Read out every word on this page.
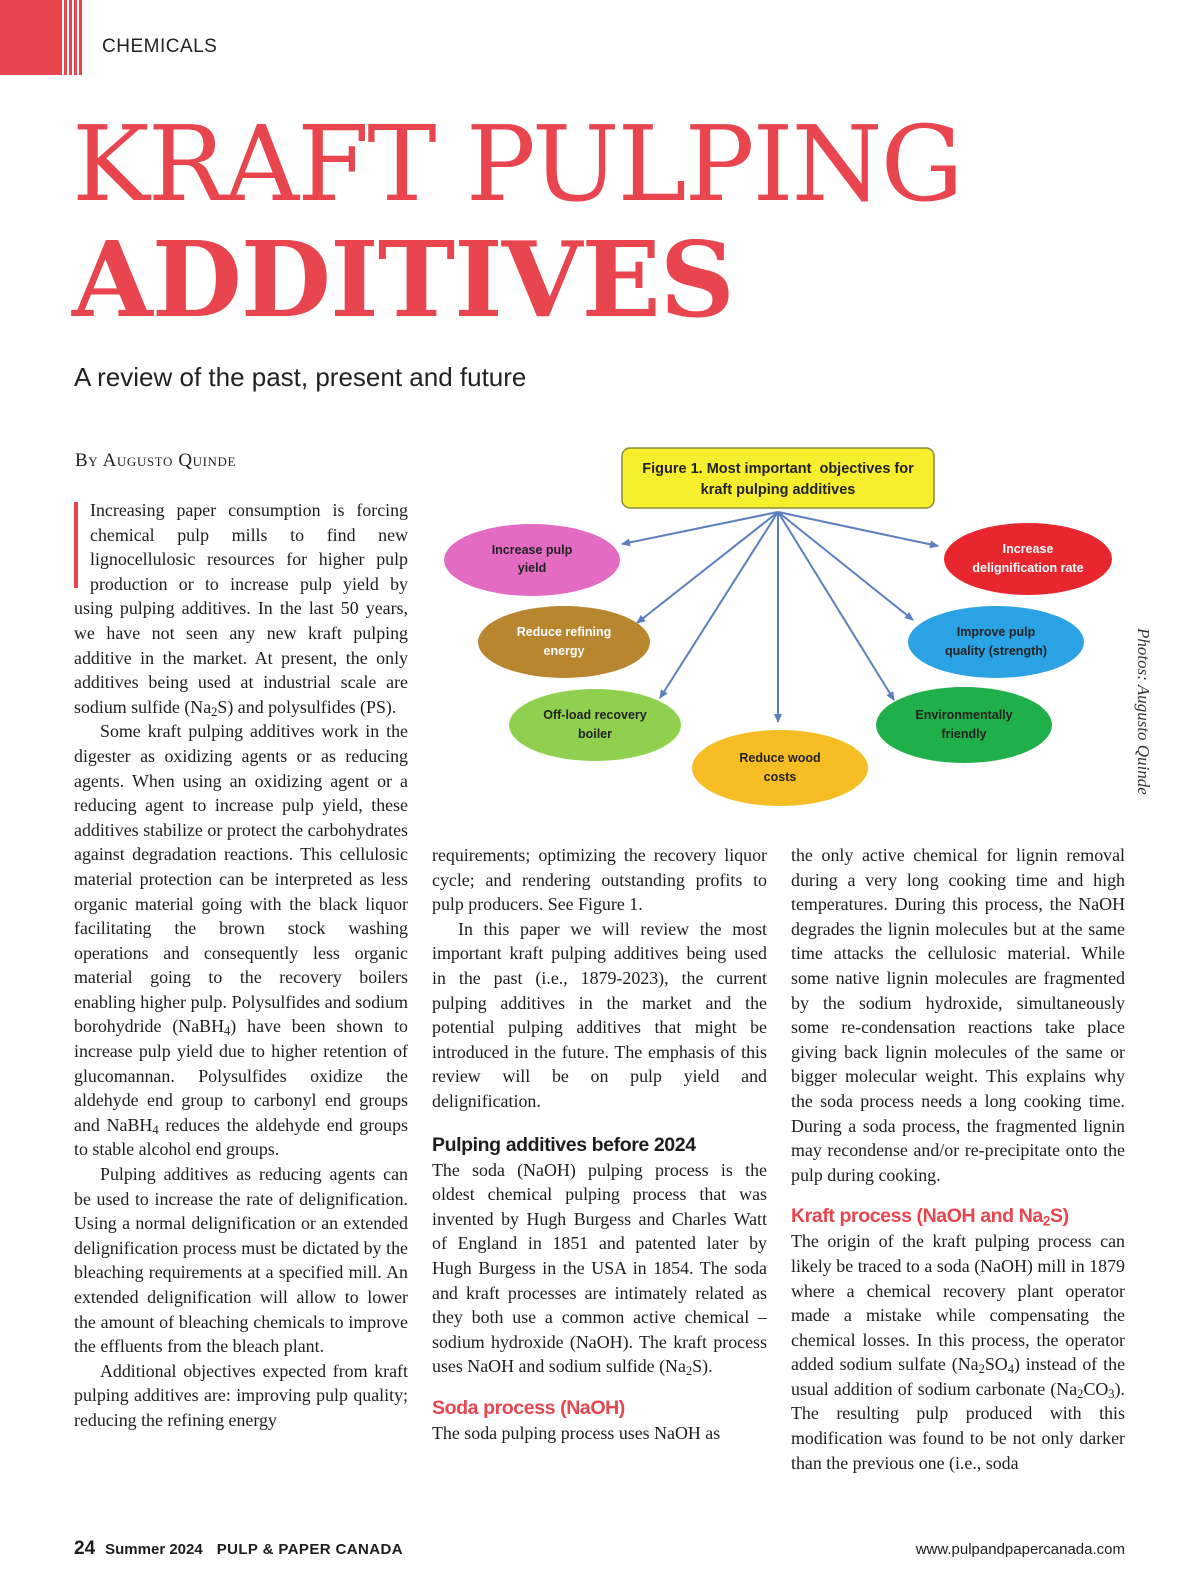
CHEMICALS
KRAFT PULPING
ADDITIVES
A review of the past, present and future
By Augusto Quinde	Figure 1. Most important  objectives for
kraft pulping additives
Increase pulp
yield
Reduce refining
energy
Off-load recovery
boiler
Reduce wood
costs
Environmentally
friendly
Improve pulp
quality (strength)
Increase
delignification rate
Photos: Augusto Quinde

Increasing paper consumption is forcing chemical pulp mills to find new lignocellulosic resources for higher pulp production or to increase pulp yield by using pulping additives. In the last 50 years, we have not seen any new kraft pulping additive in the market. At present, the only additives being used at industrial scale are sodium sulfide $(Na_2S)$ and polysulfides (PS).

Some kraft pulping additives work in the digester as oxidizing agents or as reducing agents. When using an oxidizing agent or a reducing agent to increase pulp yield, these additives stabilize or protect the carbohydrates against degradation reactions. This cellulosic material protection can be interpreted as less organic material going with the black liquor facilitating the brown stock washing operations and consequently less organic material going to the recovery boilers enabling higher pulp. Polysulfides and sodium borohydride (NaBH$_4$) have been shown to increase pulp yield due to higher retention of glucomannan. Polysulfides oxidize the aldehyde end group to carbonyl end groups and NaBH$_4$ reduces the aldehyde end groups to stable alcohol end groups.

Pulping additives as reducing agents can be used to increase the rate of delignification. Using a normal delignification or an extended delignification process must be dictated by the bleaching requirements at a specified mill. An extended delignification will allow to lower the amount of bleaching chemicals to improve the effluents from the bleach plant.

Additional objectives expected from kraft pulping additives are: improving pulp quality; reducing the refining energy

requirements; optimizing the recovery liquor cycle; and rendering outstanding profits to pulp producers. See Figure 1.

In this paper we will review the most important kraft pulping additives being used in the past (i.e., 1879-2023), the current pulping additives in the market and the potential pulping additives that might be introduced in the future. The emphasis of this review will be on pulp yield and delignification.

Pulping additives before 2024

The soda (NaOH) pulping process is the oldest chemical pulping process that was invented by Hugh Burgess and Charles Watt of England in 1851 and patented later by Hugh Burgess in the USA in 1854. The soda and kraft processes are intimately related as they both use a common active chemical – sodium hydroxide (NaOH). The kraft process uses NaOH and sodium sulfide $(Na_2S)$.

Soda process (NaOH)

The soda pulping process uses NaOH as

the only active chemical for lignin removal during a very long cooking time and high temperatures. During this process, the NaOH degrades the lignin molecules but at the same time attacks the cellulosic material. While some native lignin molecules are fragmented by the sodium hydroxide, simultaneously some re-condensation reactions take place giving back lignin molecules of the same or bigger molecular weight. This explains why the soda process needs a long cooking time. During a soda process, the fragmented lignin may recondense and/or re-precipitate onto the pulp during cooking.

Kraft process (NaOH and $Na_2S$)

The origin of the kraft pulping process can likely be traced to a soda (NaOH) mill in 1879 where a chemical recovery plant operator made a mistake while compensating the chemical losses. In this process, the operator added sodium sulfate $(Na_2SO_4)$ instead of the usual addition of sodium carbonate $(Na_2CO_3)$. The resulting pulp produced with this modification was found to be not only darker than the previous one (i.e., soda

24 Summer 2024 PULP & PAPER CANADA	www.pulpandpapercanada.com
